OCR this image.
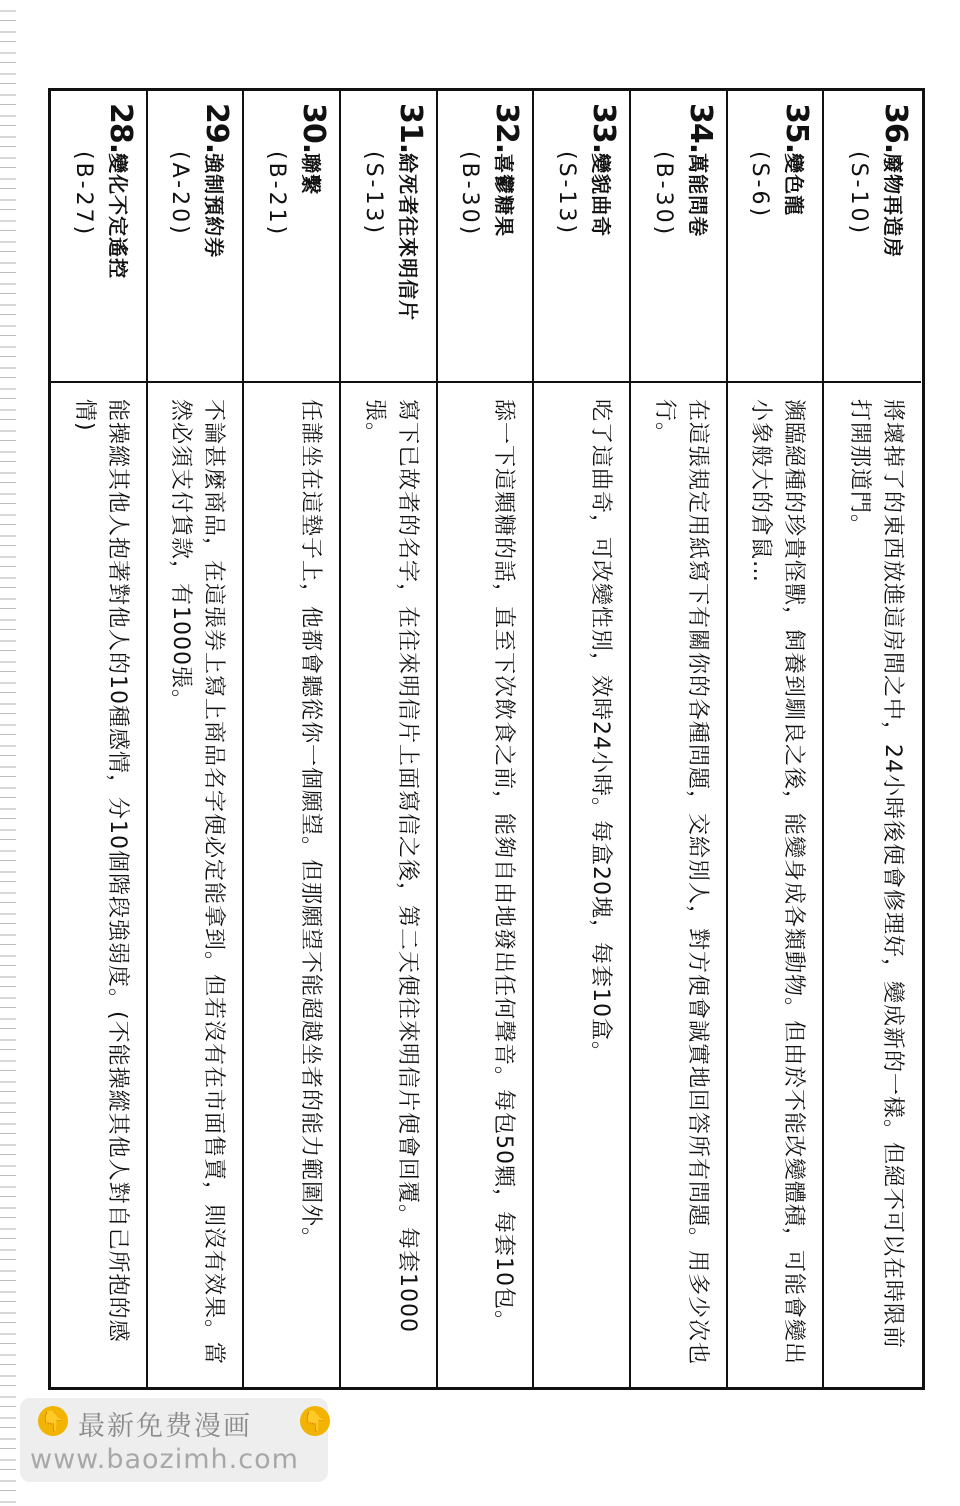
28.變化不定遙控
(B-27)
能操縱其他人抱著對他人的10種感情，分10個階段強弱度。(不能操縱其他人對自己所抱的感情)
29.強制預約券
(A-20)
不論甚麼商品，在這張券上寫上商品名字便必定能拿到。但若沒有在市面售賣，則沒有效果。當然必須支付貨款，有1000張。
30.聯繫
(B-21)
任誰坐在這墊子上，他都會聽從你一個願望。但那願望不能超越坐者的能力範圍外。
31.給死者往來明信片
(S-13)
寫下已故者的名字，在往來明信片上面寫信之後，第二天便往來明信片便會回覆。每套1000張。
32.喜鬱糖果
(B-30)
舔一下這顆糖的話，直至下次飲食之前，能夠自由地發出任何聲音。每包50顆，每套10包。
33.變貌曲奇
(S-13)
吃了這曲奇，可改變性別，效時24小時。每盒20塊，每套10盒。
34.萬能問卷
(B-30)
在這張規定用紙寫下有關你的各種問題，交給別人，對方便會誠實地回答所有問題。用多少次也行。
35.變色龍
(S-6)
瀕臨絕種的珍貴怪獸，飼養到馴良之後，能變身成各類動物。但由於不能改變體積，可能會變出小象般大的倉鼠…
36.廢物再造房
(S-10)
將壞掉了的東西放進這房間之中，24小時後便會修理好，變成新的一樣。但絕不可以在時限前打開那道門。
👇 最新免费漫画	👇
www.baozimh.com
